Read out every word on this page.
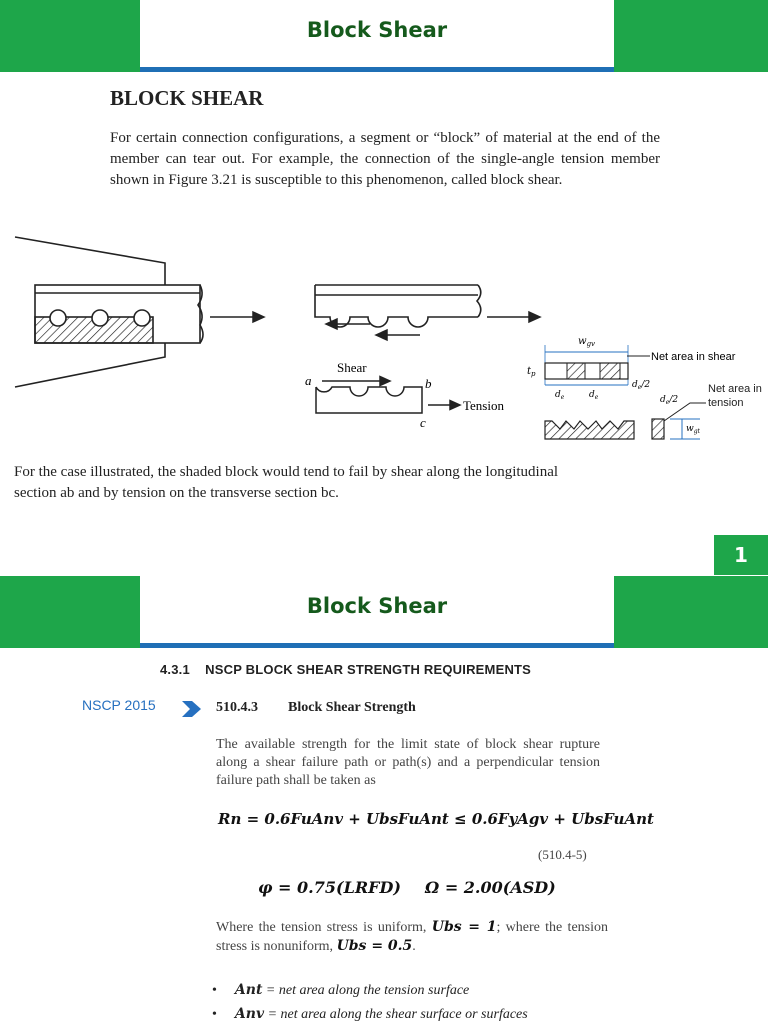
Block Shear
BLOCK SHEAR
For certain connection configurations, a segment or “block” of material at the end of the member can tear out. For example, the connection of the single-angle tension member shown in Figure 3.21 is susceptible to this phenomenon, called block shear.
Shear
Tension
a	b
c
$w_{gv}$
Net area in shear
$t_p$
$d_e$	$d_e$
$d_e/2$
$d_e/2$
Net area in tension
$w_{gt}$
For the case illustrated, the shaded block would tend to fail by shear along the longitudinal section ab and by tension on the transverse section bc.
1
Block Shear
4.3.1    NSCP BLOCK SHEAR STRENGTH REQUIREMENTS
NSCP 2015	510.4.3 Block Shear Strength
The available strength for the limit state of block shear rupture along a shear failure path or path(s) and a perpendicular tension failure path shall be taken as
Rn = 0.6FuAnv + UbsFuAnt ≤ 0.6FyAgv + UbsFuAnt
(510.4-5)
φ = 0.75(LRFD) Ω = 2.00(ASD)
Where the tension stress is uniform, Ubs = 1; where the tension stress is nonuniform, Ubs = 0.5.
• Ant = net area along the tension surface
• Anv = net area along the shear surface or surfaces
